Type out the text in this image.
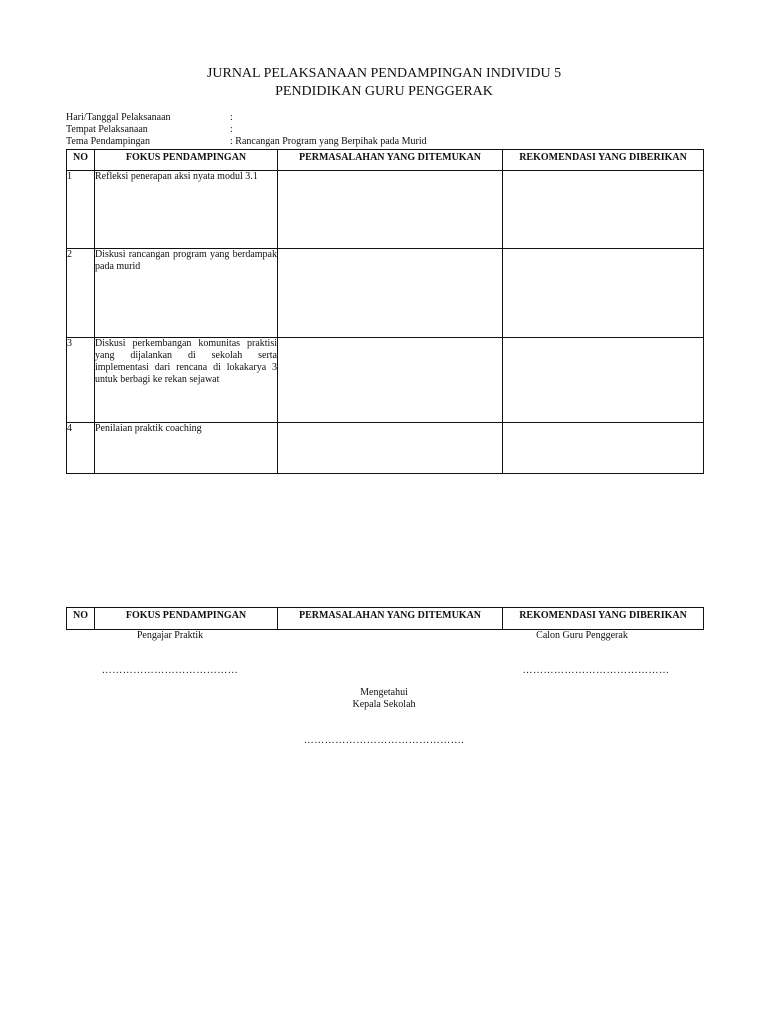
JURNAL PELAKSANAAN PENDAMPINGAN INDIVIDU 5
PENDIDIKAN GURU PENGGERAK
Hari/Tanggal Pelaksanaan	:
Tempat Pelaksanaan	:
Tema Pendampingan	: Rancangan Program yang Berpihak pada Murid
NO	FOKUS PENDAMPINGAN	PERMASALAHAN YANG DITEMUKAN	REKOMENDASI YANG DIBERIKAN
1	Refleksi penerapan aksi nyata modul 3.1		
2	Diskusi rancangan program yang berdampak pada murid		
3	Diskusi perkembangan komunitas praktisi yang dijalankan di sekolah serta implementasi dari rencana di lokakarya 3 untuk berbagi ke rekan sejawat		
4	Penilaian praktik coaching		
NO	FOKUS PENDAMPINGAN	PERMASALAHAN YANG DITEMUKAN	REKOMENDASI YANG DIBERIKAN
Pengajar Praktik	Calon Guru Penggerak
…………………………………	……………………………………
Mengetahui
Kepala Sekolah
……………………………………….
